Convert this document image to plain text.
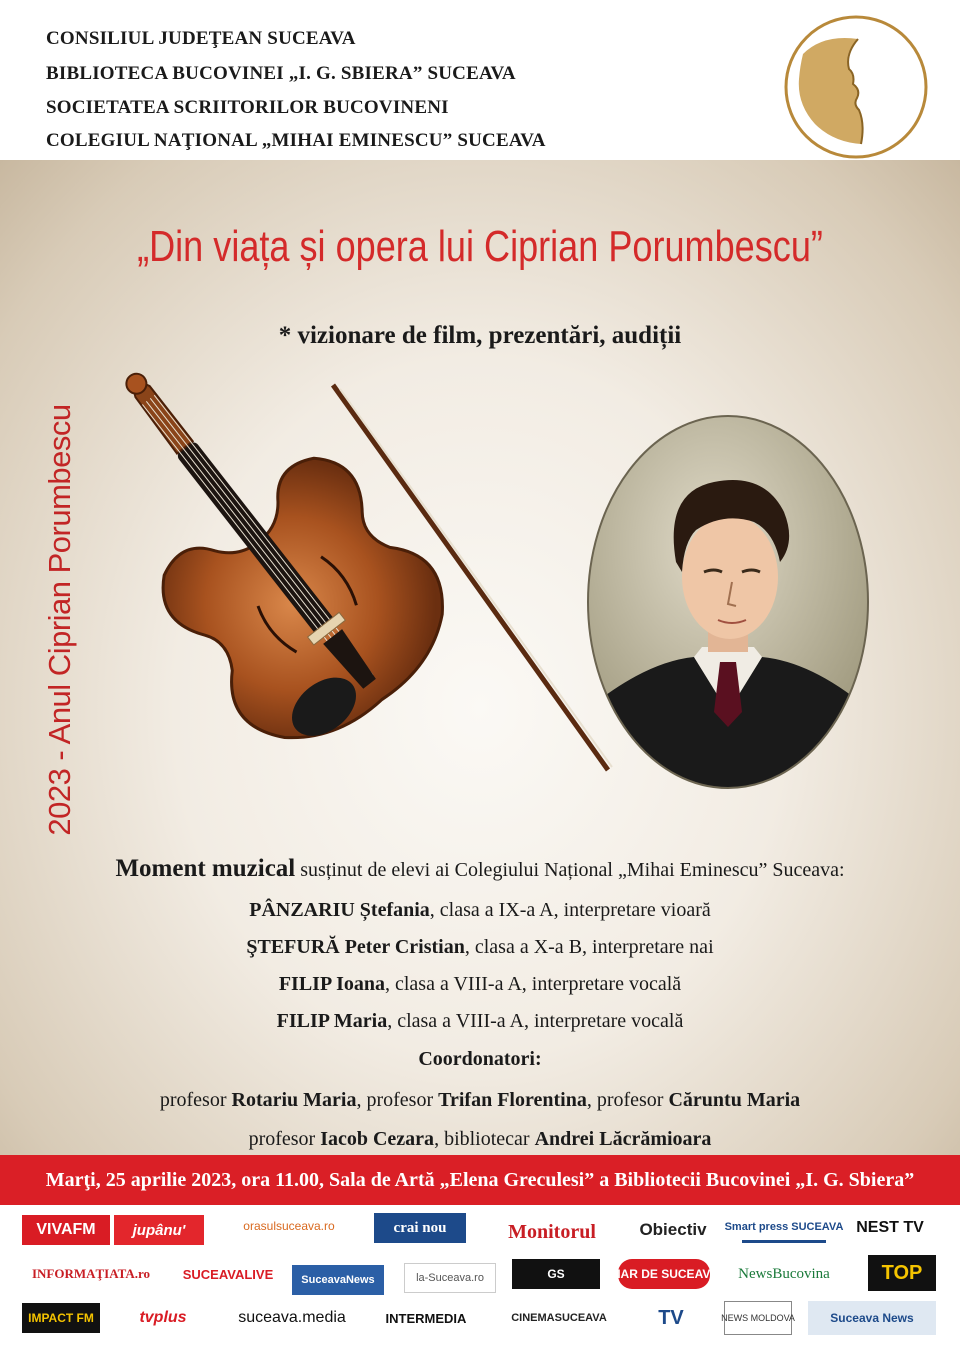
CONSILIUL JUDEŢEAN SUCEAVA
BIBLIOTECA BUCOVINEI „I. G. SBIERA” SUCEAVA
SOCIETATEA SCRIITORILOR BUCOVINENI
COLEGIUL NAŢIONAL „MIHAI EMINESCU” SUCEAVA
„Din viața și opera lui Ciprian Porumbescu”
* vizionare de film, prezentări, audiții
2023 - Anul Ciprian Porumbescu
Moment muzical susținut de elevi ai Colegiului Național „Mihai Eminescu” Suceava:
PÂNZARIU Ștefania, clasa a IX-a A, interpretare vioară
ŞTEFURĂ Peter Cristian, clasa a X-a B, interpretare nai
FILIP Ioana, clasa a VIII-a A, interpretare vocală
FILIP Maria, clasa a VIII-a A, interpretare vocală
Coordonatori:
profesor Rotariu Maria, profesor Trifan Florentina, profesor Căruntu Maria
profesor Iacob Cezara, bibliotecar Andrei Lăcrămioara
Marţi, 25 aprilie 2023, ora 11.00, Sala de Artă „Elena Greculesi” a Bibliotecii Bucovinei „I. G. Sbiera”
VIVAFM	jupânu'	orasulsuceava.ro	crai nou	Monitorul	Obiectiv	Smart press SUCEAVA NEST TV
INFORMAŢIATA.ro	SUCEAVALIVE	SuceavaNews	la-Suceava.ro	GS	ZIAR DE SUCEAVA	NewsBucovina	TOP
IMPACT FM	tvplus	suceava.media	INTERMEDIA	CINEMASUCEAVA	TV	NEWS MOLDOVA	Suceava News
